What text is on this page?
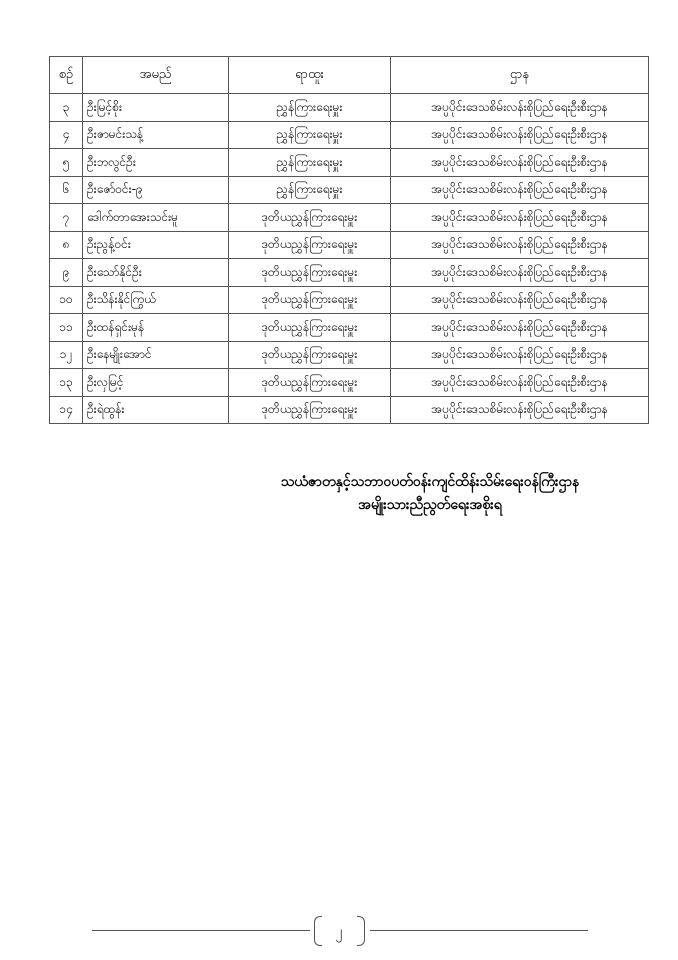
စဉ်	အမည်	ရာထူး	ဌာန
၃	ဦးမြင့်စိုး	ညွှန်ကြားရေးမှူး	အပ္ပပိုင်းဒေသစိမ်းလန်းစိုပြည်ရေးဦးစီးဌာန
၄	ဦးဇာမင်းသန့်	ညွှန်ကြားရေးမှူး	အပ္ပပိုင်းဒေသစိမ်းလန်းစိုပြည်ရေးဦးစီးဌာန
၅	ဦးဘလွင်ဦး	ညွှန်ကြားရေးမှူး	အပ္ပပိုင်းဒေသစိမ်းလန်းစိုပြည်ရေးဦးစီးဌာန
၆	ဦးဇော်ဝင်း-၉	ညွှန်ကြားရေးမှူး	အပ္ပပိုင်းဒေသစိမ်းလန်းစိုပြည်ရေးဦးစီးဌာန
၇	ဒေါက်တာအေးသင်းမူ	ဒုတိယညွှန်ကြားရေးမှူး	အပ္ပပိုင်းဒေသစိမ်းလန်းစိုပြည်ရေးဦးစီးဌာန
၈	ဦးညွန့်ဝင်း	ဒုတိယညွှန်ကြားရေးမှူး	အပ္ပပိုင်းဒေသစိမ်းလန်းစိုပြည်ရေးဦးစီးဌာန
၉	ဦးသော်နိုင်ဦး	ဒုတိယညွှန်ကြားရေးမှူး	အပ္ပပိုင်းဒေသစိမ်းလန်းစိုပြည်ရေးဦးစီးဌာန
၁၀	ဦးသိန်းနိုင်ကြွယ်	ဒုတိယညွှန်ကြားရေးမှူး	အပ္ပပိုင်းဒေသစိမ်းလန်းစိုပြည်ရေးဦးစီးဌာန
၁၁	ဦးထန်ရှင်းမုန်	ဒုတိယညွှန်ကြားရေးမှူး	အပ္ပပိုင်းဒေသစိမ်းလန်းစိုပြည်ရေးဦးစီးဌာန
၁၂	ဦးနေမျိုးအောင်	ဒုတိယညွှန်ကြားရေးမှူး	အပ္ပပိုင်းဒေသစိမ်းလန်းစိုပြည်ရေးဦးစီးဌာန
၁၃	ဦးလှမြင့်	ဒုတိယညွှန်ကြားရေးမှူး	အပ္ပပိုင်းဒေသစိမ်းလန်းစိုပြည်ရေးဦးစီးဌာန
၁၄	ဦးရဲထွန်း	ဒုတိယညွှန်ကြားရေးမှူး	အပ္ပပိုင်းဒေသစိမ်းလန်းစိုပြည်ရေးဦးစီးဌာန
သယံဇာတနှင့်သဘာဝပတ်ဝန်းကျင်ထိန်းသိမ်းရေးဝန်ကြီးဌာန
အမျိုးသားညီညွတ်ရေးအစိုးရ
၂
